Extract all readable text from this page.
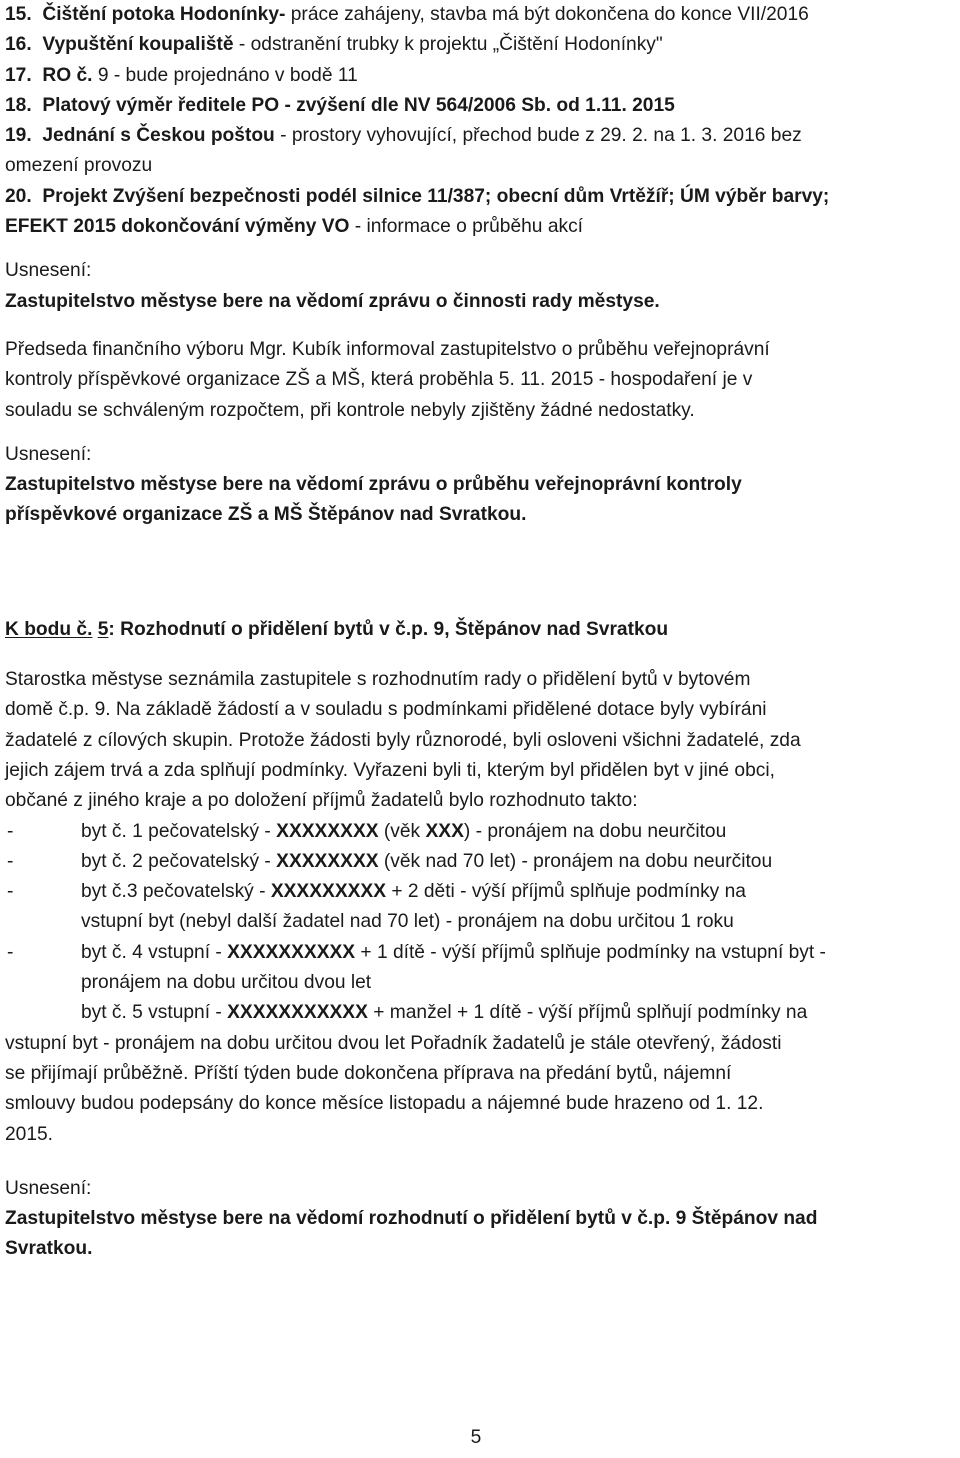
15. Čištění potoka Hodonínky- práce zahájeny, stavba má být dokončena do konce VII/2016
16. Vypuštění koupaliště - odstranění trubky k projektu „Čištění Hodonínky"
17. RO č. 9 - bude projednáno v bodě 11
18. Platový výměr ředitele PO - zvýšení dle NV 564/2006 Sb. od 1.11. 2015
19. Jednání s Českou poštou - prostory vyhovující, přechod bude z 29. 2. na 1. 3. 2016 bez
omezení provozu
20. Projekt Zvýšení bezpečnosti podél silnice 11/387; obecní dům Vrtěžíř; ÚM výběr barvy;
EFEKT 2015 dokončování výměny VO - informace o průběhu akcí
Usnesení:
Zastupitelstvo městyse bere na vědomí zprávu o činnosti rady městyse.
Předseda finančního výboru Mgr. Kubík informoval zastupitelstvo o průběhu veřejnoprávní
kontroly příspěvkové organizace ZŠ a MŠ, která proběhla 5. 11. 2015 - hospodaření je v
souladu se schváleným rozpočtem, při kontrole nebyly zjištěny žádné nedostatky.
Usnesení:
Zastupitelstvo městyse bere na vědomí zprávu o průběhu veřejnoprávní kontroly
příspěvkové organizace ZŠ a MŠ Štěpánov nad Svratkou.
K bodu č. 5: Rozhodnutí o přidělení bytů v č.p. 9, Štěpánov nad Svratkou
Starostka městyse seznámila zastupitele s rozhodnutím rady o přidělení bytů v bytovém
domě č.p. 9. Na základě žádostí a v souladu s podmínkami přidělené dotace byly vybíráni
žadatelé z cílových skupin. Protože žádosti byly různorodé, byli osloveni všichni žadatelé, zda
jejich zájem trvá a zda splňují podmínky. Vyřazeni byli ti, kterým byl přidělen byt v jiné obci,
občané z jiného kraje a po doložení příjmů žadatelů bylo rozhodnuto takto:
-	byt č. 1 pečovatelský - XXXXXXXX (věk XXX) - pronájem na dobu neurčitou
-	byt č. 2 pečovatelský - XXXXXXXX (věk nad 70 let) - pronájem na dobu neurčitou
-	byt č.3 pečovatelský - XXXXXXXXX + 2 děti - výší příjmů splňuje podmínky na
vstupní byt (nebyl další žadatel nad 70 let) - pronájem na dobu určitou 1 roku
-	byt č. 4 vstupní - XXXXXXXXXX + 1 dítě - výší příjmů splňuje podmínky na vstupní byt -
pronájem na dobu určitou dvou let
byt č. 5 vstupní - XXXXXXXXXXX + manžel + 1 dítě - výší příjmů splňují podmínky na
vstupní byt - pronájem na dobu určitou dvou let Pořadník žadatelů je stále otevřený, žádosti
se přijímají průběžně. Příští týden bude dokončena příprava na předání bytů, nájemní
smlouvy budou podepsány do konce měsíce listopadu a nájemné bude hrazeno od 1. 12.
2015.
Usnesení:
Zastupitelstvo městyse bere na vědomí rozhodnutí o přidělení bytů v č.p. 9 Štěpánov nad
Svratkou.
5
